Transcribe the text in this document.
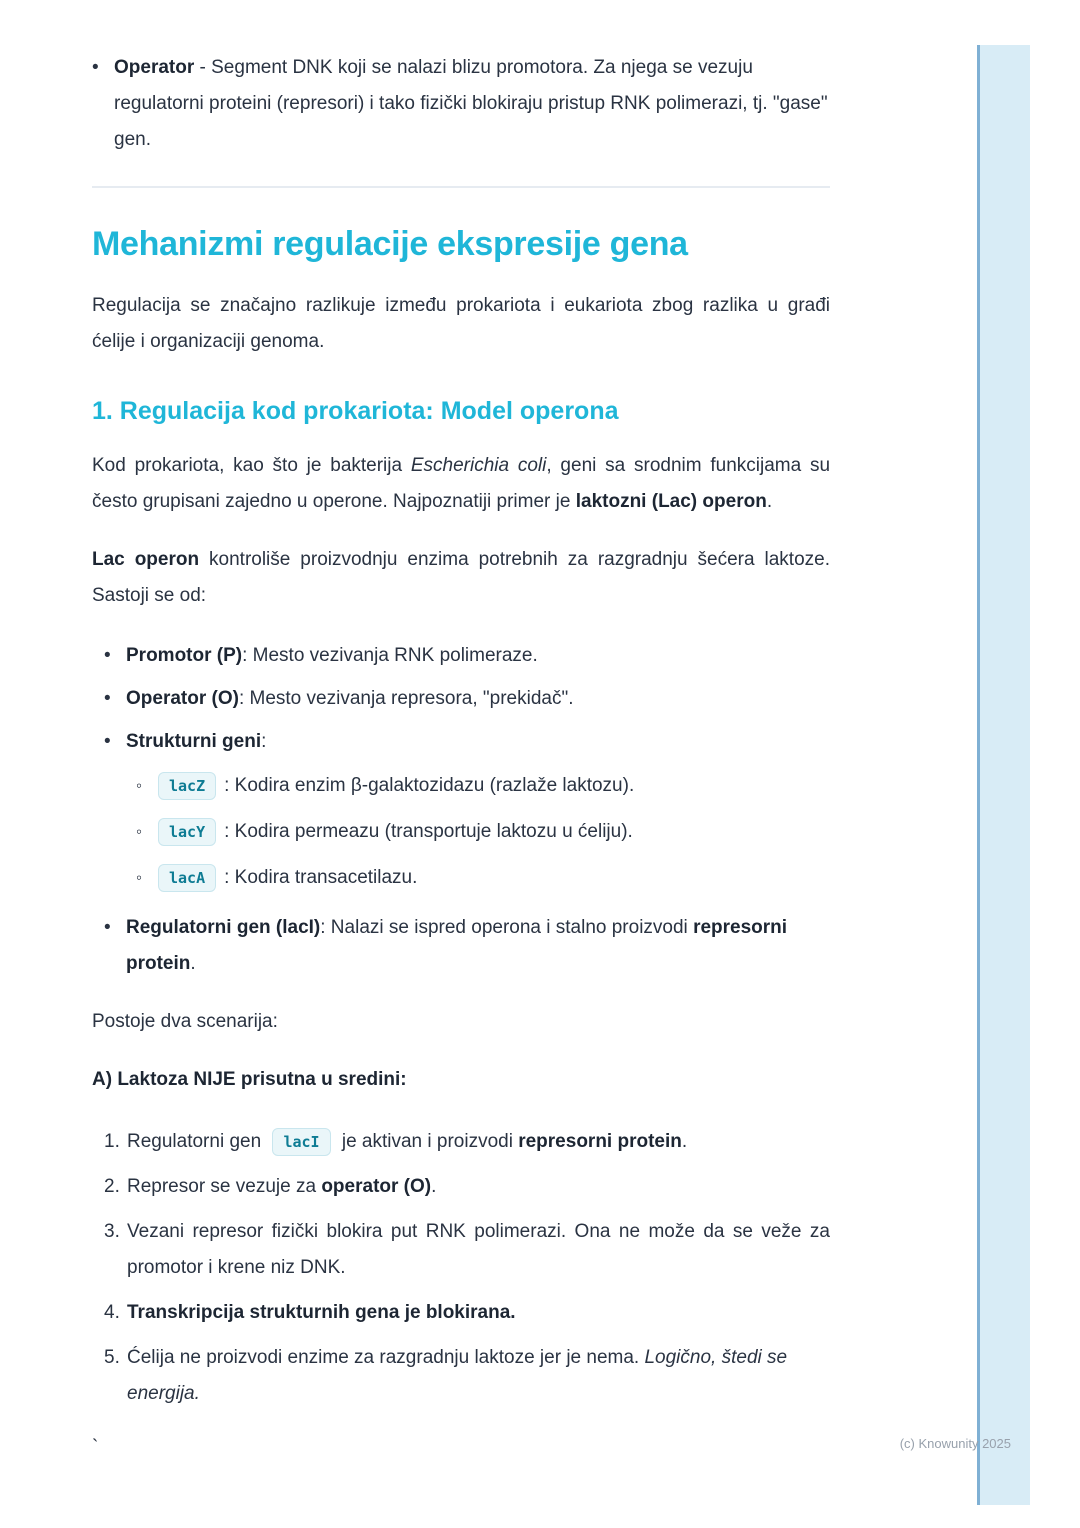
• Operator - Segment DNK koji se nalazi blizu promotora. Za njega se vezuju regulatorni proteini (represori) i tako fizički blokiraju pristup RNK polimerazi, tj. "gase" gen.
Mehanizmi regulacije ekspresije gena

Regulacija se značajno razlikuje između prokariota i eukariota zbog razlika u građi ćelije i organizaciji genoma.

1. Regulacija kod prokariota: Model operona

Kod prokariota, kao što je bakterija Escherichia coli, geni sa srodnim funkcijama su često grupisani zajedno u operone. Najpoznatiji primer je laktozni (Lac) operon.

Lac operon kontroliše proizvodnju enzima potrebnih za razgradnju šećera laktoze. Sastoji se od:

• Promotor (P): Mesto vezivanja RNK polimeraze.
• Operator (O): Mesto vezivanja represora, "prekidač".
• Strukturni geni:
◦	lacZ : Kodira enzim β-galaktozidazu (razlaže laktozu).
◦	lacY : Kodira permeazu (transportuje laktozu u ćeliju).
◦	lacA : Kodira transacetilazu.
• Regulatorni gen (lacI): Nalazi se ispred operona i stalno proizvodi represorni protein.

Postoje dva scenarija:

A) Laktoza NIJE prisutna u sredini:

1. Regulatorni gen lacI je aktivan i proizvodi represorni protein.
2. Represor se vezuje za operator (O).
3. Vezani represor fizički blokira put RNK polimerazi. Ona ne može da se veže za promotor i krene niz DNK.
4. Transkripcija strukturnih gena je blokirana.
5. Ćelija ne proizvodi enzime za razgradnju laktoze jer je nema. Logično, štedi se energija.
`	(c) Knowunity 2025
